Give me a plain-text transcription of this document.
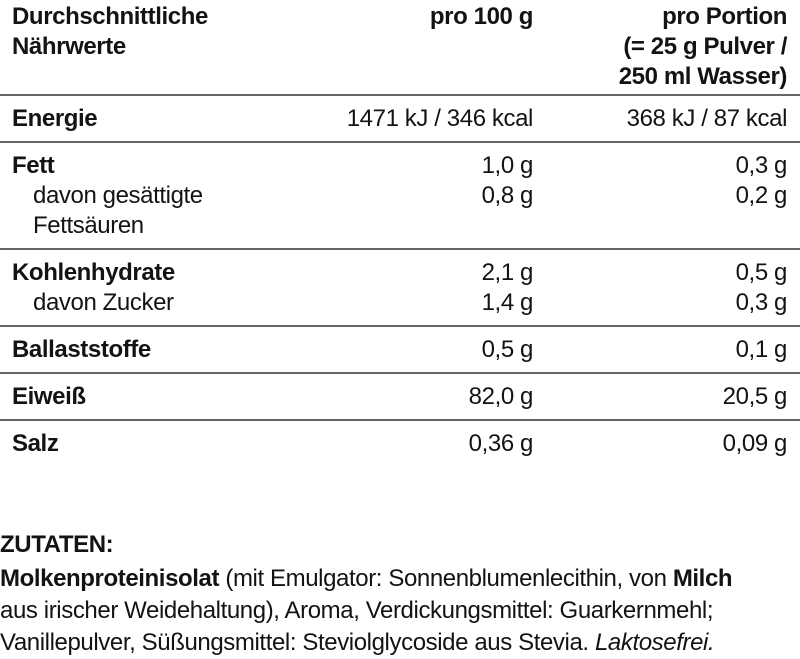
Durchschnittliche
Nährwerte
pro 100 g	pro Portion
(= 25 g Pulver /
250 ml Wasser)
Energie	1471 kJ / 346 kcal	368 kJ / 87 kcal
Fett	1,0 g	0,3 g
davon gesättigte
Fettsäuren
0,8 g	0,2 g
Kohlenhydrate	2,1 g	0,5 g
davon Zucker	1,4 g	0,3 g
Ballaststoffe	0,5 g	0,1 g
Eiweiß	82,0 g	20,5 g
Salz	0,36 g	0,09 g
ZUTATEN:
Molkenproteinisolat (mit Emulgator: Sonnenblumenlecithin, von Milch
aus irischer Weidehaltung), Aroma, Verdickungsmittel: Guarkernmehl;
Vanillepulver, Süßungsmittel: Steviolglycoside aus Stevia. Laktosefrei.
